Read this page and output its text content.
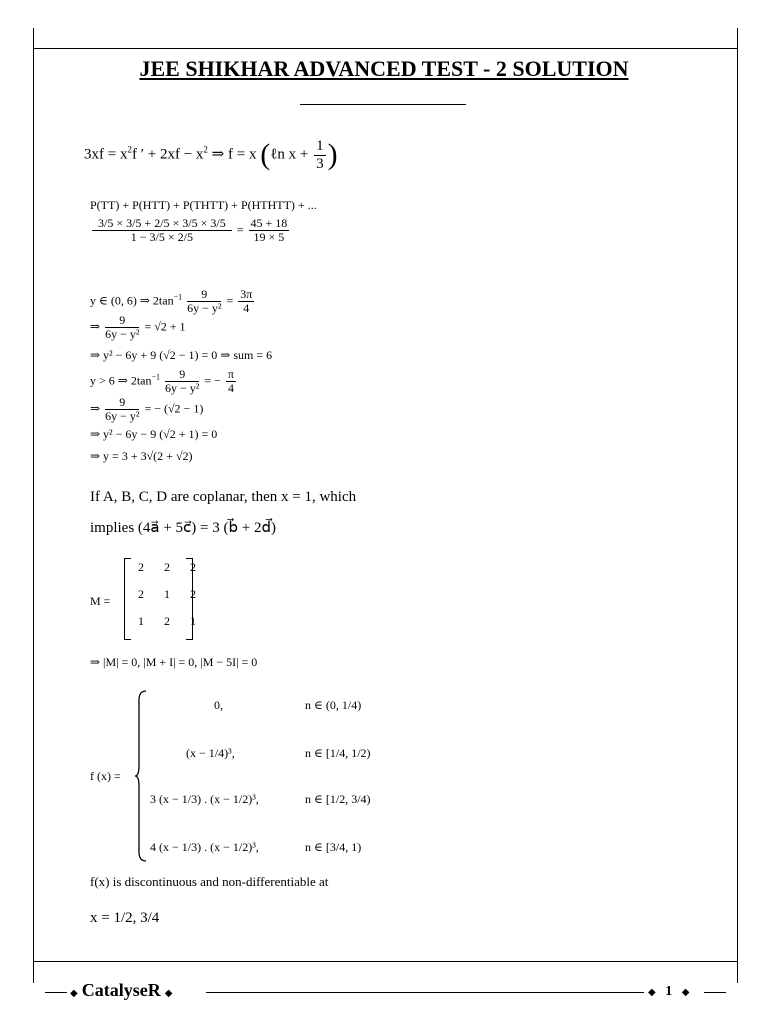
JEE SHIKHAR ADVANCED TEST - 2 SOLUTION
$3xf = x^2f$ ′ + $2xf - x^2$ ⇒ f = x (ℓn $x + \frac{1}{3}$ )
P(TT) + P(HTT) + P(THTT) + P(HTHTT) + ...
$\frac{3/5 \times 3/5 + 2/5 \times 3/5 \times 3/5}{1 - 3/5 \times 2/5} = \frac{45 + 18}{19 \times 5}$
y ∈ (0, 6) ⇒ $2\tan^{-1} \frac{9}{\text{6y − y²}} = \frac{3\pi}{4}$
⇒ $\frac{9}{\text{6y − y²}} = √2 + 1$
⇒ y² − 6y + 9 (√2 − 1) = 0 ⇒ sum = 6
y > 6 ⇒ $2\tan^{-1} \frac{9}{\text{6y − y²}}$ = − $\frac{\pi}{4}$
⇒ $\frac{9}{\text{6y − y²}}$ = − (√2 − 1)
⇒ y² − 6y − 9 (√2 + 1) = 0
⇒ y = 3 + 3√(2 + √2)
If A, B, C, D are coplanar, then x = 1, which
implies (4a⃗ + 5c⃗) = 3 (b⃗ + 2d⃗)
M =
2	2	2
2	1	2
1	2	1
⇒ |M| = 0, |M + I| = 0, |M − 5I| = 0
f (x) =
0,	n ∈ (0, 1/4)
(x − 1/4)³,	n ∈ [1/4, 1/2)
3 (x − 1/3) . (x − 1/2)³,	n ∈ [1/2, 3/4)
4 (x − 1/3) . (x − 1/2)³,	n ∈ [3/4, 1)
f(x) is discontinuous and non-differentiable at
x = 1/2, 3/4
◆ CatalyseR ◆	◆ 1 ◆
